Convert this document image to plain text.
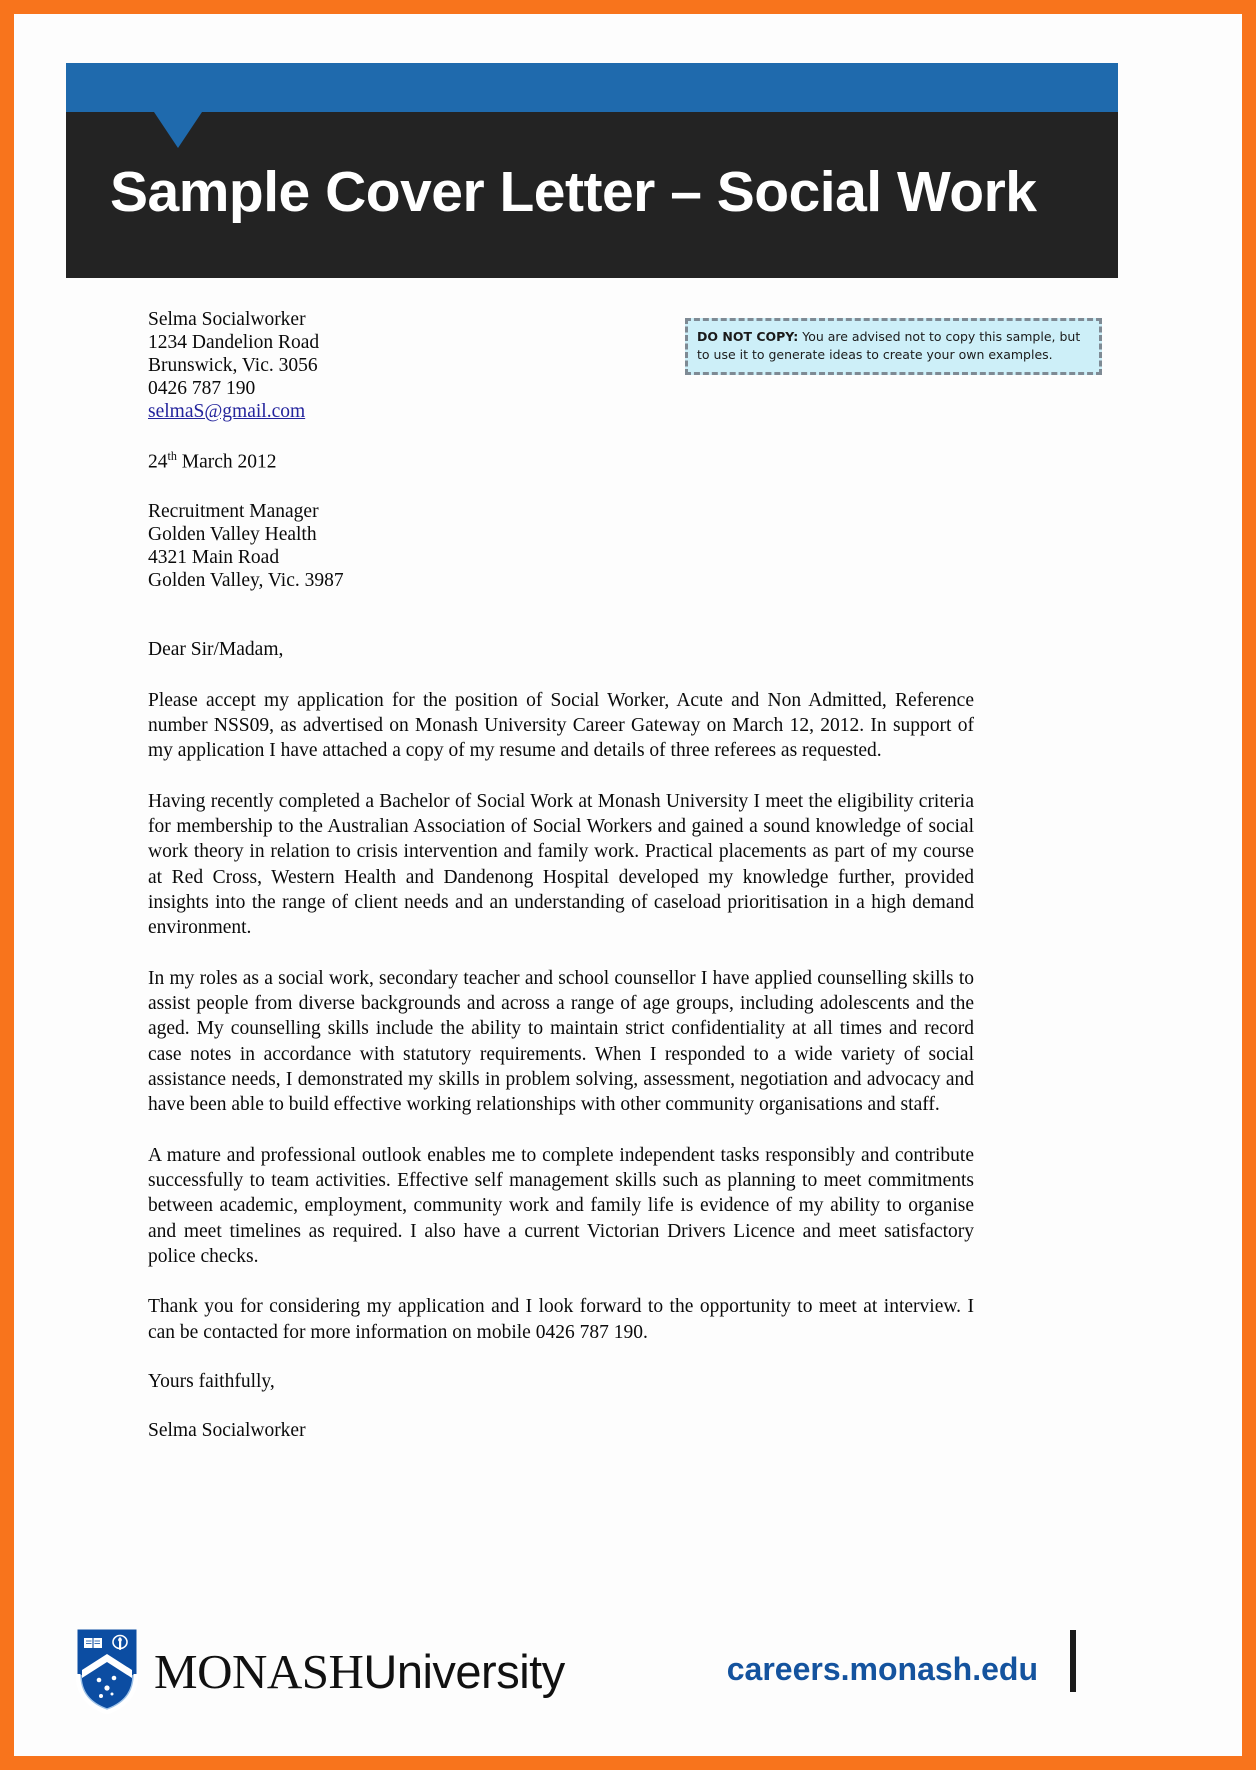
Sample Cover Letter – Social Work
DO NOT COPY: You are advised not to copy this sample, but to use it to generate ideas to create your own examples.
Selma Socialworker
1234 Dandelion Road
Brunswick, Vic. 3056
0426 787 190
selmaS@gmail.com
24th March 2012
Recruitment Manager
Golden Valley Health
4321 Main Road
Golden Valley, Vic. 3987
Dear Sir/Madam,
Please accept my application for the position of Social Worker, Acute and Non Admitted, Reference number NSS09, as advertised on Monash University Career Gateway on March 12, 2012. In support of my application I have attached a copy of my resume and details of three referees as requested.
Having recently completed a Bachelor of Social Work at Monash University I meet the eligibility criteria for membership to the Australian Association of Social Workers and gained a sound knowledge of social work theory in relation to crisis intervention and family work. Practical placements as part of my course at Red Cross, Western Health and Dandenong Hospital developed my knowledge further, provided insights into the range of client needs and an understanding of caseload prioritisation in a high demand environment.
In my roles as a social work, secondary teacher and school counsellor I have applied counselling skills to assist people from diverse backgrounds and across a range of age groups, including adolescents and the aged. My counselling skills include the ability to maintain strict confidentiality at all times and record case notes in accordance with statutory requirements. When I responded to a wide variety of social assistance needs, I demonstrated my skills in problem solving, assessment, negotiation and advocacy and have been able to build effective working relationships with other community organisations and staff.
A mature and professional outlook enables me to complete independent tasks responsibly and contribute successfully to team activities. Effective self management skills such as planning to meet commitments between academic, employment, community work and family life is evidence of my ability to organise and meet timelines as required. I also have a current Victorian Drivers Licence and meet satisfactory police checks.
Thank you for considering my application and I look forward to the opportunity to meet at interview. I can be contacted for more information on mobile 0426 787 190.
Yours faithfully,
Selma Socialworker
MONASHUniversity	careers.monash.edu
